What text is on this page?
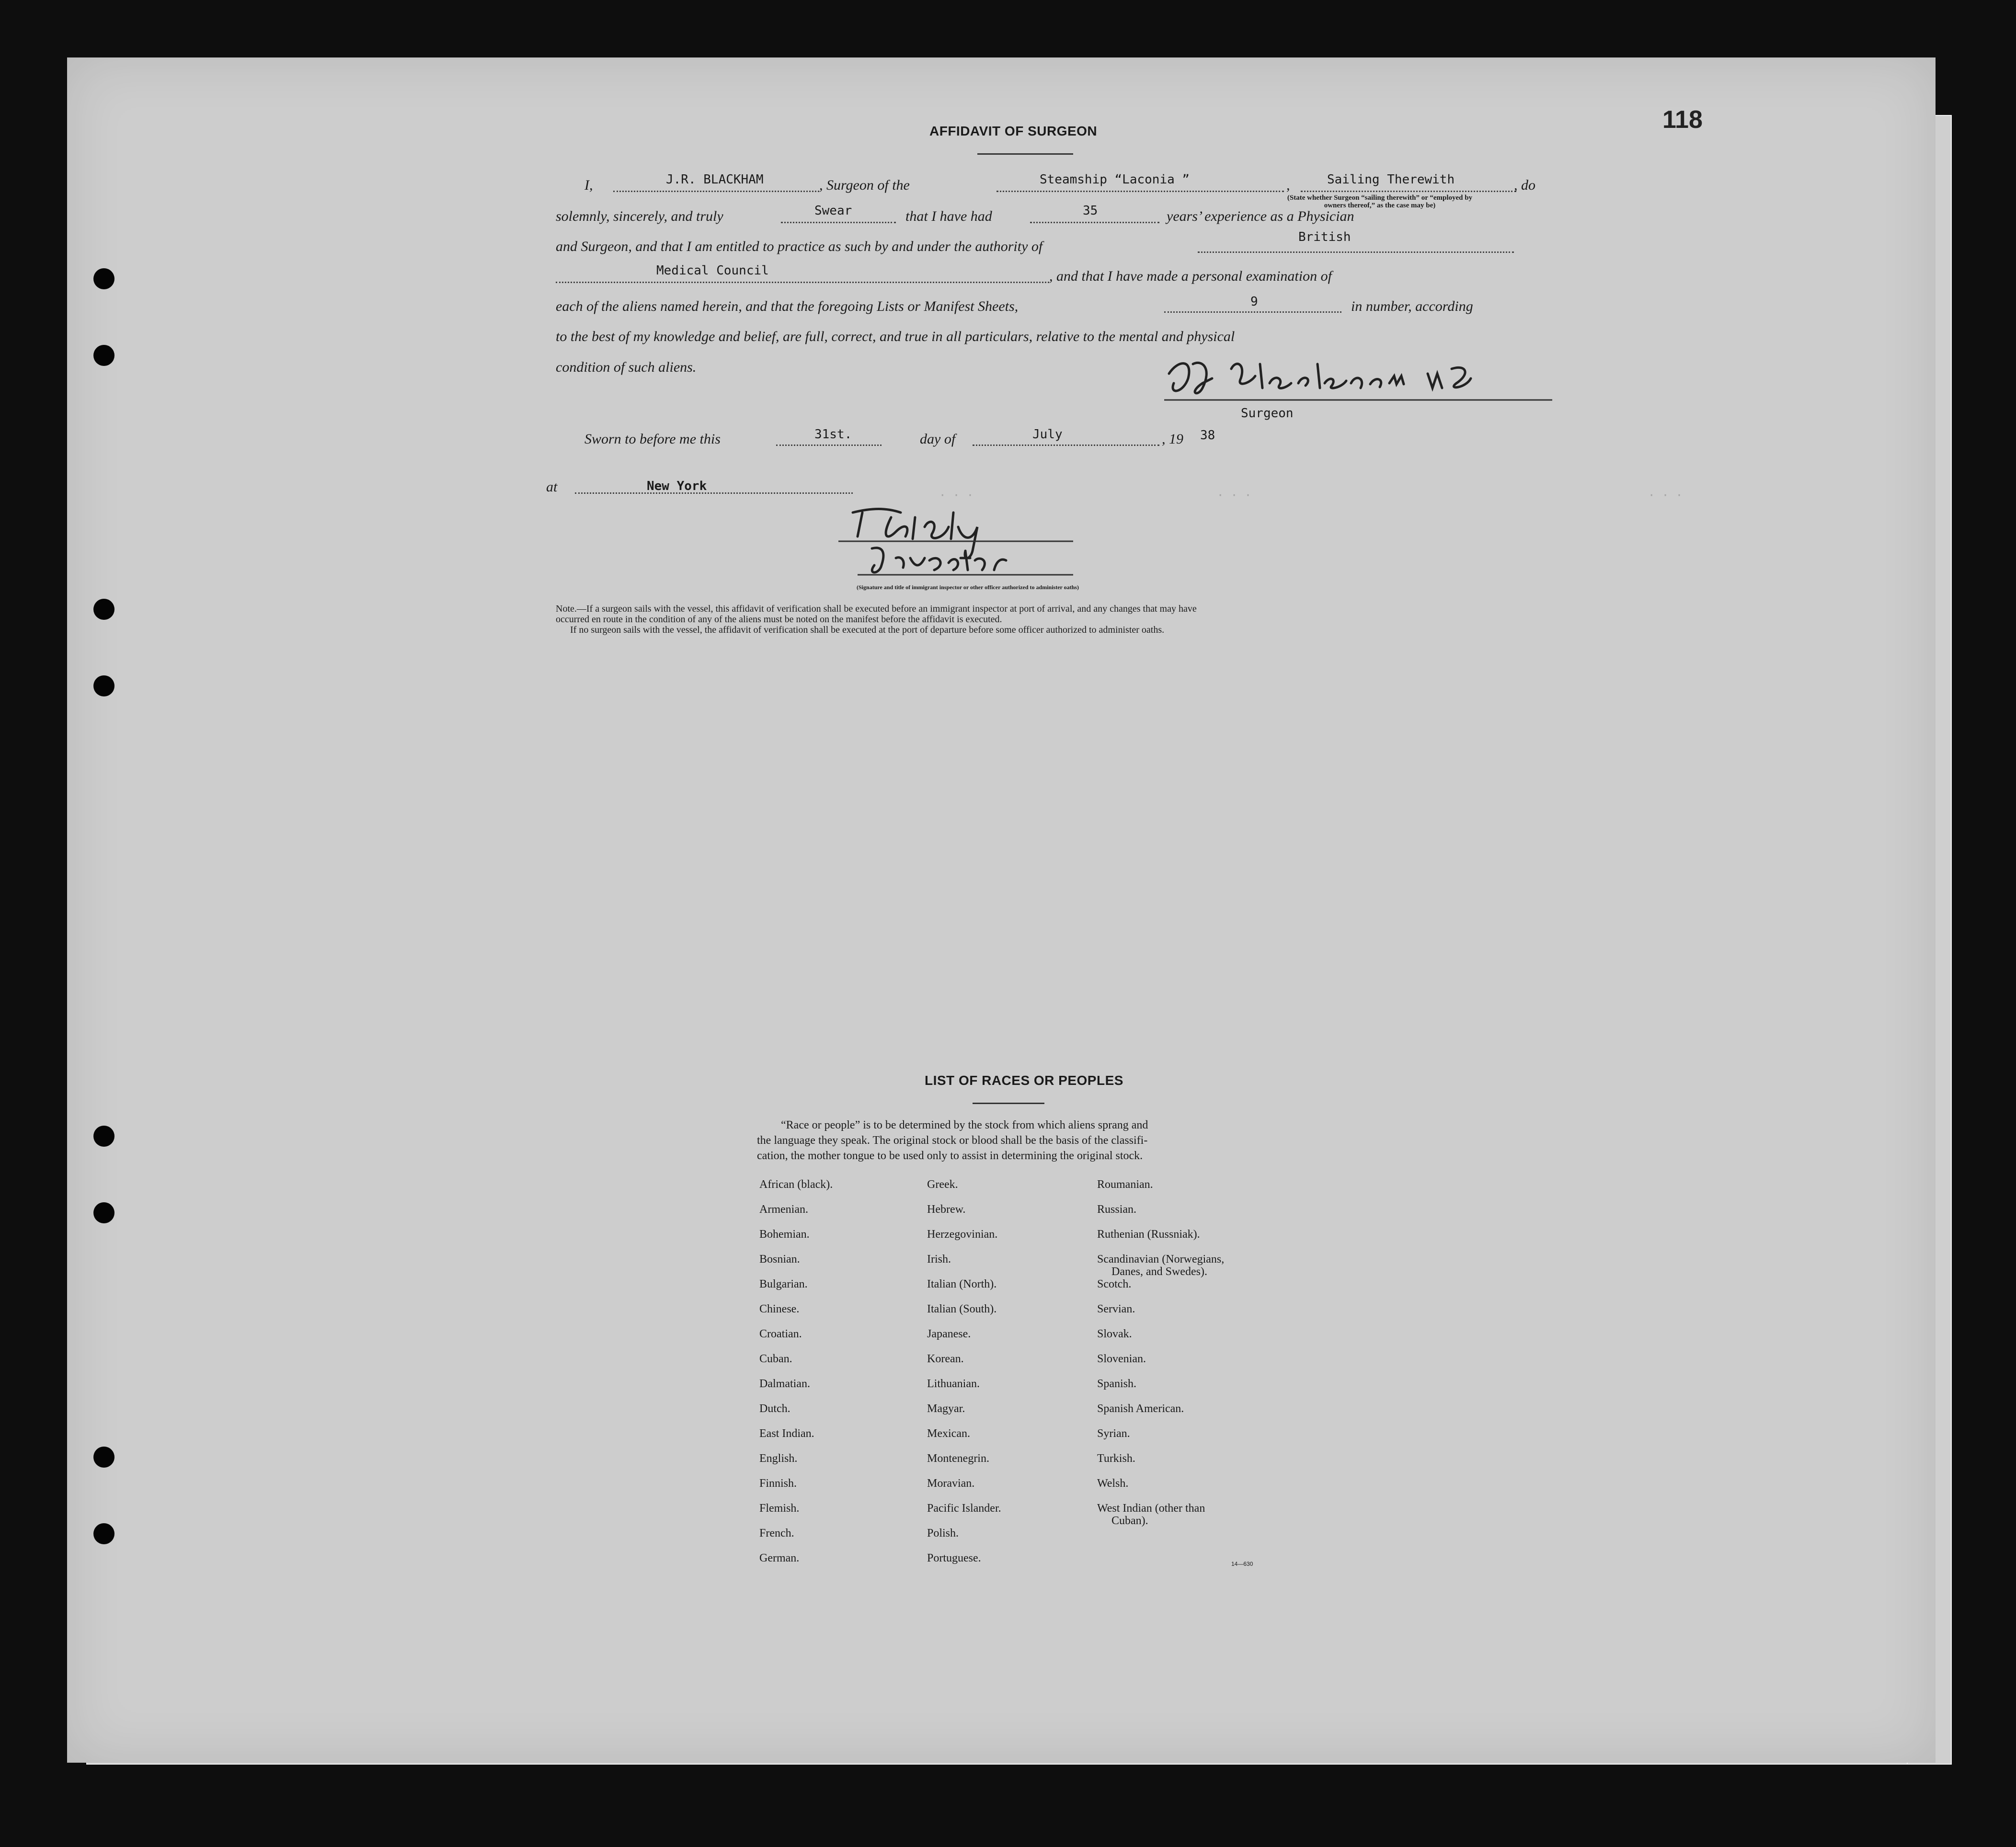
118
AFFIDAVIT OF SURGEON
I,	J.R. BLACKHAM	, Surgeon of the	Steamship “Laconia ”	,	Sailing Therewith	, do
(State whether Surgeon “sailing therewith” or “employed by
owners thereof,” as the case may be)
solemnly, sincerely, and truly	Swear	that I have had	35	years’ experience as a Physician
and Surgeon, and that I am entitled to practice as such by and under the authority of
British
Medical Council	, and that I have made a personal examination of
each of the aliens named herein, and that the foregoing Lists or Manifest Sheets,	9	in number, according
to the best of my knowledge and belief, are full, correct, and true in all particulars, relative to the mental and physical
condition of such aliens.
Surgeon
Sworn to before me this	31st.	day of	July	, 19 38
at	New York
· · ·	· · ·	· · ·
(Signature and title of immigrant inspector or other officer authorized to administer oaths)
Note.—If a surgeon sails with the vessel, this affidavit of verification shall be executed before an immigrant inspector at port of arrival, and any changes that may have
occurred en route in the condition of any of the aliens must be noted on the manifest before the affidavit is executed.
If no surgeon sails with the vessel, the affidavit of verification shall be executed at the port of departure before some officer authorized to administer oaths.
LIST OF RACES OR PEOPLES
“Race or people” is to be determined by the stock from which aliens sprang and
the language they speak. The original stock or blood shall be the basis of the classifi-
cation, the mother tongue to be used only to assist in determining the original stock.
14—630
African (black).
Armenian.
Bohemian.
Bosnian.
Bulgarian.
Chinese.
Croatian.
Cuban.
Dalmatian.
Dutch.
East Indian.
English.
Finnish.
Flemish.
French.
German.
Greek.
Hebrew.
Herzegovinian.
Irish.
Italian (North).
Italian (South).
Japanese.
Korean.
Lithuanian.
Magyar.
Mexican.
Montenegrin.
Moravian.
Pacific Islander.
Polish.
Portuguese.
Roumanian.
Russian.
Ruthenian (Russniak).
Scandinavian (Norwegians,
Danes, and Swedes).
Scotch.
Servian.
Slovak.
Slovenian.
Spanish.
Spanish American.
Syrian.
Turkish.
Welsh.
West Indian (other than
Cuban).
